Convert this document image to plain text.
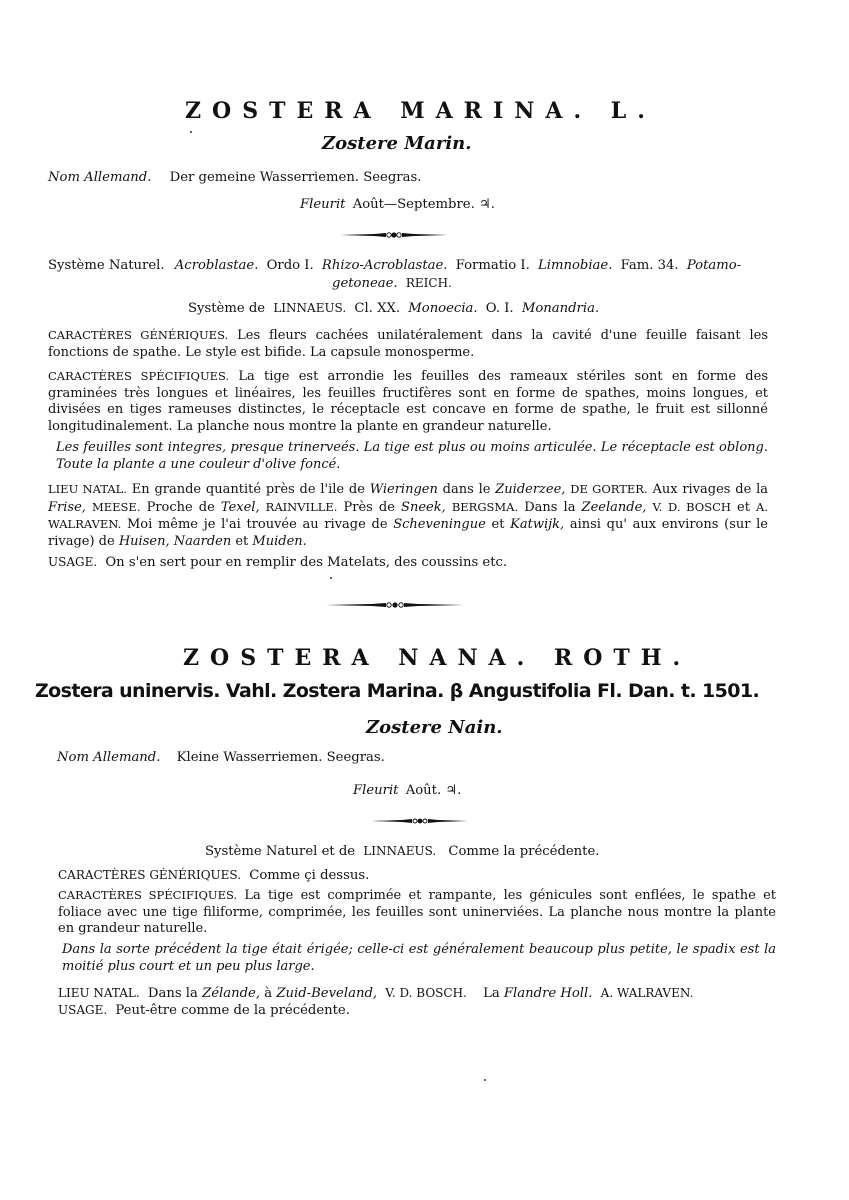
ZOSTERA MARINA. L.
Zostere Marin.
Nom Allemand. Der gemeine Wasserriemen. Seegras.
Fleurit Août—Septembre. ♃.
Système Naturel. Acroblastae. Ordo I. Rhizo-Acroblastae. Formatio I. Limnobiae. Fam. 34. Potamo-
getoneae. REICH.
Système de LINNAEUS. Cl. XX. Monoecia. O. I. Monandria.
CARACTÈRES GÉNÉRIQUES. Les fleurs cachées unilatéralement dans la cavité d'une feuille faisant les fonctions de spathe. Le style est bifide. La capsule monosperme.
CARACTÈRES SPÉCIFIQUES. La tige est arrondie les feuilles des rameaux stériles sont en forme des graminées très longues et linéaires, les feuilles fructifères sont en forme de spathes, moins longues, et divisées en tiges rameuses distinctes, le réceptacle est concave en forme de spathe, le fruit est sillonné longitudinalement. La planche nous montre la plante en grandeur naturelle.
Les feuilles sont integres, presque trinerveés. La tige est plus ou moins articulée. Le réceptacle est oblong. Toute la plante a une couleur d'olive foncé.
LIEU NATAL. En grande quantité près de l'ile de Wieringen dans le Zuiderzee, DE GORTER. Aux rivages de la Frise, MEESE. Proche de Texel, RAINVILLE. Près de Sneek, BERGSMA. Dans la Zeelande, V. D. BOSCH et A. WALRAVEN. Moi même je l'ai trouvée au rivage de Scheveningue et Katwijk, ainsi qu' aux environs (sur le rivage) de Huisen, Naarden et Muiden.
USAGE. On s'en sert pour en remplir des Matelats, des coussins etc.
ZOSTERA NANA. ROTH.
Zostera uninervis. Vahl. Zostera Marina. β Angustifolia Fl. Dan. t. 1501.
Zostere Nain.
Nom Allemand. Kleine Wasserriemen. Seegras.
Fleurit Août. ♃.
Système Naturel et de LINNAEUS. Comme la précédente.
CARACTÈRES GÉNÉRIQUES. Comme çi dessus.
CARACTÈRES SPÉCIFIQUES. La tige est comprimée et rampante, les génicules sont enflées, le spathe et foliace avec une tige filiforme, comprimée, les feuilles sont uninerviées. La planche nous montre la plante en grandeur naturelle.
Dans la sorte précédent la tige était érigée; celle-ci est généralement beaucoup plus petite, le spadix est la moitié plus court et un peu plus large.
LIEU NATAL. Dans la Zélande, à Zuid-Beveland, V. D. BOSCH. La Flandre Holl. A. WALRAVEN.
USAGE. Peut-être comme de la précédente.
